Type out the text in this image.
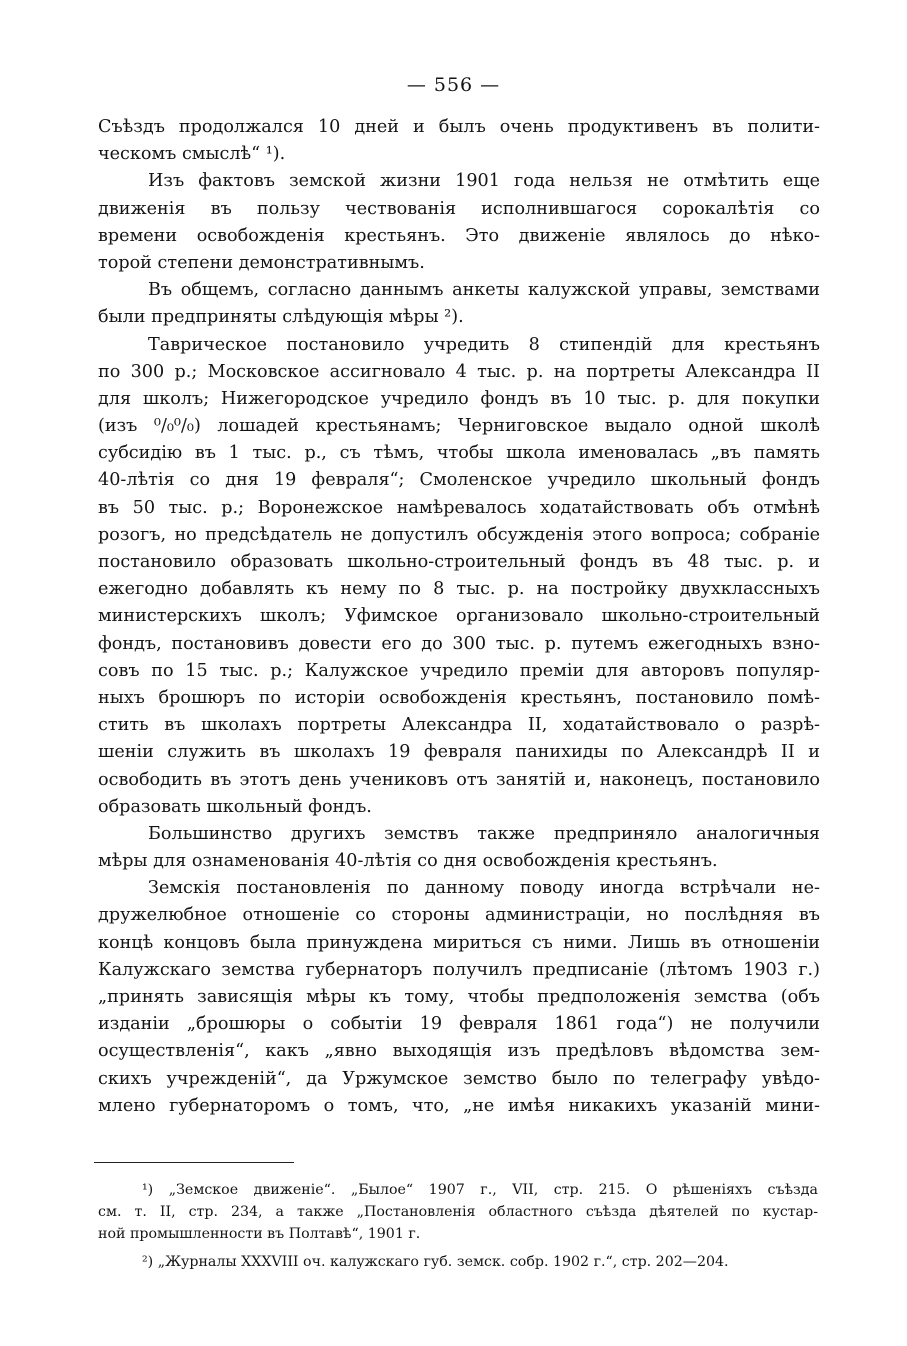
— 556 —
Съѣздъ продолжался 10 дней и былъ очень продуктивенъ въ полити-
ческомъ смыслѣ“ ¹).
Изъ фактовъ земской жизни 1901 года нельзя не отмѣтить еще
движенія въ пользу чествованія исполнившагося сорокалѣтія со
времени освобожденія крестьянъ. Это движеніе являлось до нѣко-
торой степени демонстративнымъ.
Въ общемъ, согласно даннымъ анкеты калужской управы, земствами
были предприняты слѣдующія мѣры ²).
Таврическое постановило учредить 8 стипендій для крестьянъ
по 300 р.; Московское ассигновало 4 тыс. р. на портреты Александра II
для школъ; Нижегородское учредило фондъ въ 10 тыс. р. для покупки
(изъ ⁰/₀⁰/₀) лошадей крестьянамъ; Черниговское выдало одной школѣ
субсидію въ 1 тыс. р., съ тѣмъ, чтобы школа именовалась „въ память
40-лѣтія со дня 19 февраля“; Смоленское учредило школьный фондъ
въ 50 тыс. р.; Воронежское намѣревалось ходатайствовать объ отмѣнѣ
розогъ, но предсѣдатель не допустилъ обсужденія этого вопроса; собраніе
постановило образовать школьно-строительный фондъ въ 48 тыс. р. и
ежегодно добавлять къ нему по 8 тыс. р. на постройку двухклассныхъ
министерскихъ школъ; Уфимское организовало школьно-строительный
фондъ, постановивъ довести его до 300 тыс. р. путемъ ежегодныхъ взно-
совъ по 15 тыс. р.; Калужское учредило преміи для авторовъ популяр-
ныхъ брошюръ по исторіи освобожденія крестьянъ, постановило помѣ-
стить въ школахъ портреты Александра II, ходатайствовало о разрѣ-
шеніи служить въ школахъ 19 февраля панихиды по Александрѣ II и
освободить въ этотъ день учениковъ отъ занятій и, наконецъ, постановило
образовать школьный фондъ.
Большинство другихъ земствъ также предприняло аналогичныя
мѣры для ознаменованія 40-лѣтія со дня освобожденія крестьянъ.
Земскія постановленія по данному поводу иногда встрѣчали не-
дружелюбное отношеніе со стороны администраціи, но послѣдняя въ
концѣ концовъ была принуждена мириться съ ними. Лишь въ отношеніи
Калужскаго земства губернаторъ получилъ предписаніе (лѣтомъ 1903 г.)
„принять зависящія мѣры къ тому, чтобы предположенія земства (объ
изданіи „брошюры о событіи 19 февраля 1861 года“) не получили
осуществленія“, какъ „явно выходящія изъ предѣловъ вѣдомства зем-
скихъ учрежденій“, да Уржумское земство было по телеграфу увѣдо-
млено губернаторомъ о томъ, что, „не имѣя никакихъ указаній мини-
¹) „Земское движеніе“. „Былое“ 1907 г., VII, стр. 215. О рѣшеніяхъ съѣзда
см. т. II, стр. 234, а также „Постановленія областного съѣзда дѣятелей по кустар-
ной промышленности въ Полтавѣ“, 1901 г.
²) „Журналы XXXVIII оч. калужскаго губ. земск. собр. 1902 г.“, стр. 202—204.
